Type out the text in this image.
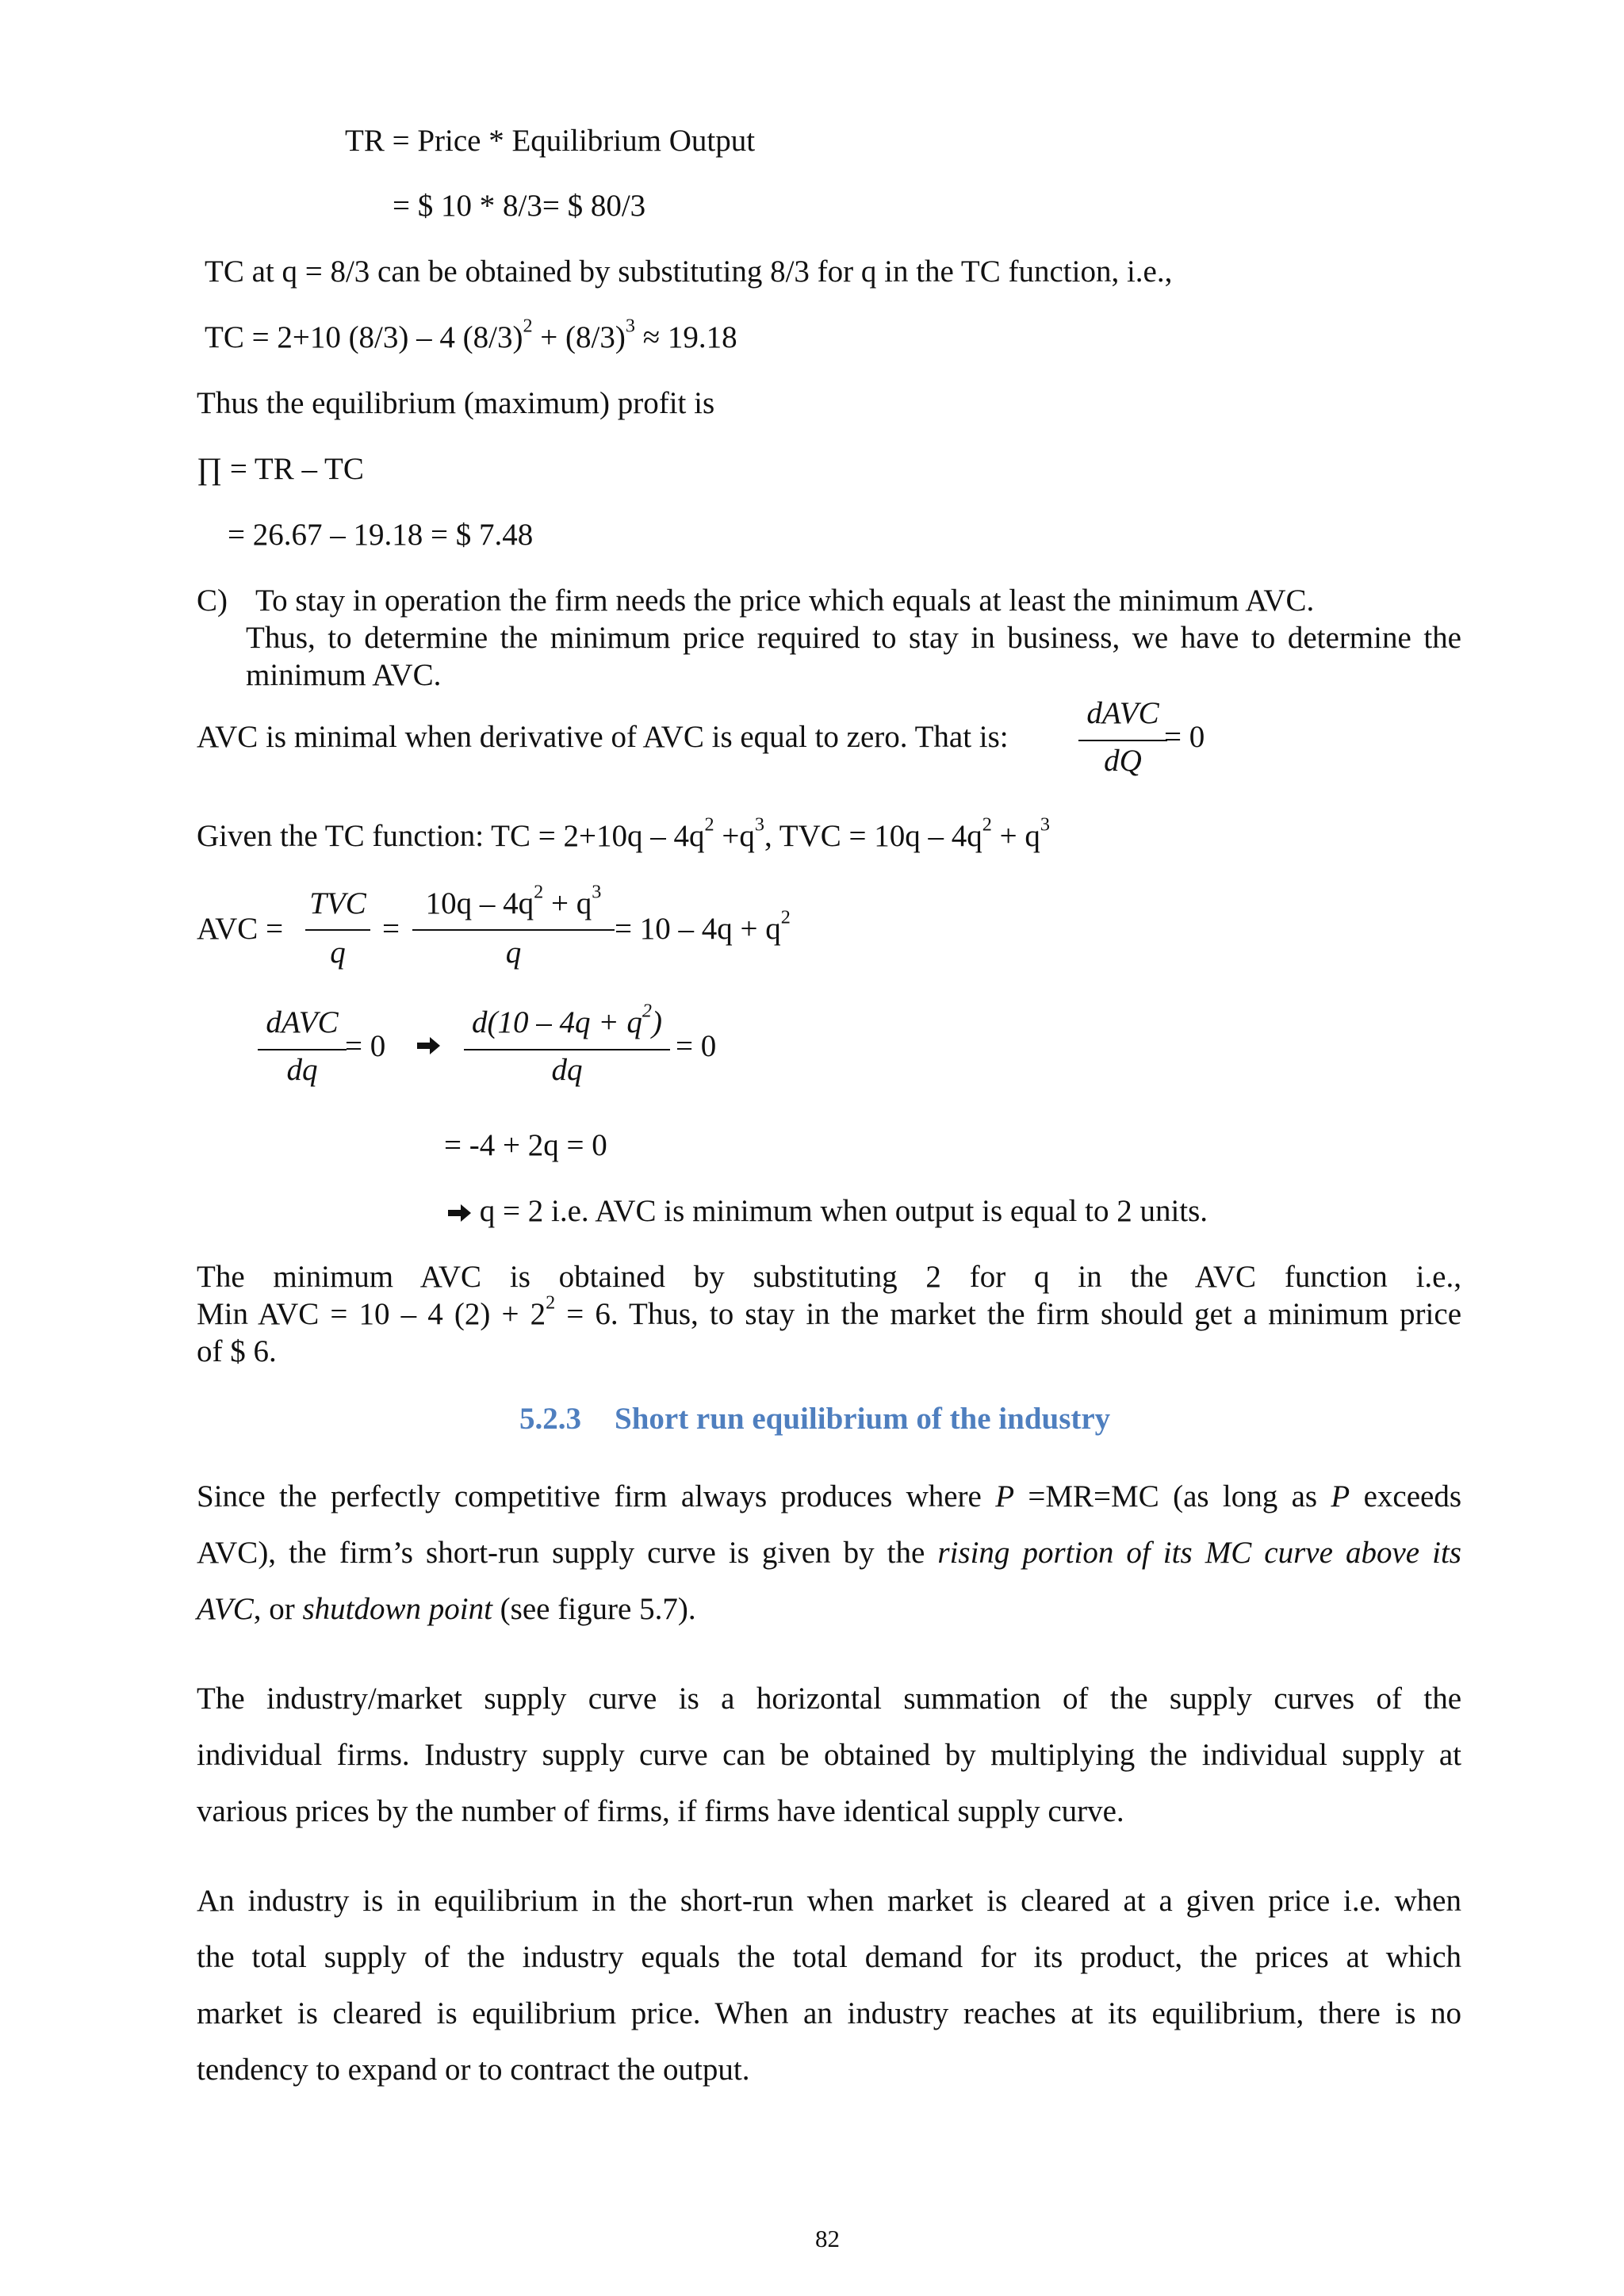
TR = Price * Equilibrium Output
= $ 10 * 8/3= $ 80/3
TC at q = 8/3 can be obtained by substituting 8/3 for q in the TC function, i.e.,
TC = 2+10 (8/3) – 4 $(8/3)^2 + (8/3)^3 \approx 19.18$
Thus the equilibrium (maximum) profit is
∏ = TR – TC
= 26.67 – 19.18 = $ 7.48
C) To stay in operation the firm needs the price which equals at least the minimum AVC.
Thus, to determine the minimum price required to stay in business, we have to determine the
minimum AVC.
AVC is minimal when derivative of AVC is equal to zero. That is:
dAVC
dQ
= 0
Given the TC function: TC = $2+10q - 4q^2 +q^3$, TVC = $10q - 4q^2 + q^3$
AVC =
TVC
q
=
$10q - 4q^2 + q^3$
q
= $10 - 4q + q^2$
dAVC
dq
= 0
$d(10 - 4q + q^2)$
dq
= 0
= -4 + 2q = 0
q = 2 i.e. AVC is minimum when output is equal to 2 units.
The minimum AVC is obtained by substituting 2 for q in the AVC function i.e.,
Min AVC = 10 – 4 $(2) + 2^2 = 6$. Thus, to stay in the market the firm should get a minimum price
of $ 6.
5.2.3 Short run equilibrium of the industry
Since the perfectly competitive firm always produces where P =MR=MC (as long as P exceeds
AVC), the firm’s short-run supply curve is given by the rising portion of its MC curve above its
AVC, or shutdown point (see figure 5.7).
The industry/market supply curve is a horizontal summation of the supply curves of the
individual firms. Industry supply curve can be obtained by multiplying the individual supply at
various prices by the number of firms, if firms have identical supply curve.
An industry is in equilibrium in the short-run when market is cleared at a given price i.e. when
the total supply of the industry equals the total demand for its product, the prices at which
market is cleared is equilibrium price. When an industry reaches at its equilibrium, there is no
tendency to expand or to contract the output.
82
